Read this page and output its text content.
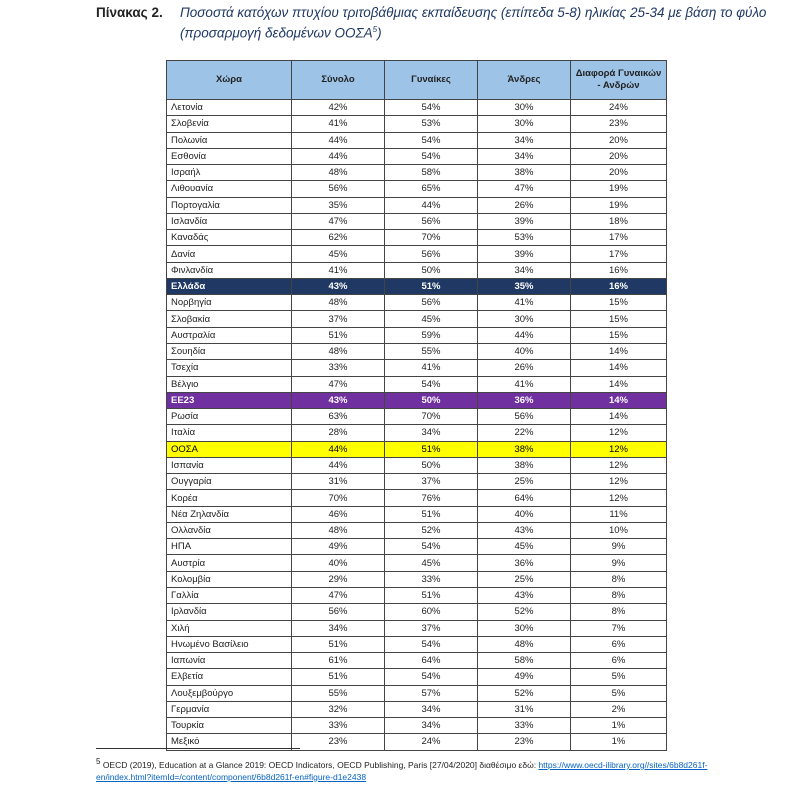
Πίνακας 2. Ποσοστά κατόχων πτυχίου τριτοβάθμιας εκπαίδευσης (επίπεδα 5-8) ηλικίας 25-34 με βάση το φύλο (προσαρμογή δεδομένων ΟΟΣΑ$^5$)
Χώρα	Σύνολο	Γυναίκες	Άνδρες	Διαφορά Γυναικών - Ανδρών
Λετονία	42%	54%	30%	24%
Σλοβενία	41%	53%	30%	23%
Πολωνία	44%	54%	34%	20%
Εσθονία	44%	54%	34%	20%
Ισραήλ	48%	58%	38%	20%
Λιθουανία	56%	65%	47%	19%
Πορτογαλία	35%	44%	26%	19%
Ισλανδία	47%	56%	39%	18%
Καναδάς	62%	70%	53%	17%
Δανία	45%	56%	39%	17%
Φινλανδία	41%	50%	34%	16%
Ελλάδα	43%	51%	35%	16%
Νορβηγία	48%	56%	41%	15%
Σλοβακία	37%	45%	30%	15%
Αυστραλία	51%	59%	44%	15%
Σουηδία	48%	55%	40%	14%
Τσεχία	33%	41%	26%	14%
Βέλγιο	47%	54%	41%	14%
ΕΕ23	43%	50%	36%	14%
Ρωσία	63%	70%	56%	14%
Ιταλία	28%	34%	22%	12%
ΟΟΣΑ	44%	51%	38%	12%
Ισπανία	44%	50%	38%	12%
Ουγγαρία	31%	37%	25%	12%
Κορέα	70%	76%	64%	12%
Νέα Ζηλανδία	46%	51%	40%	11%
Ολλανδία	48%	52%	43%	10%
ΗΠΑ	49%	54%	45%	9%
Αυστρία	40%	45%	36%	9%
Κολομβία	29%	33%	25%	8%
Γαλλία	47%	51%	43%	8%
Ιρλανδία	56%	60%	52%	8%
Χιλή	34%	37%	30%	7%
Ηνωμένο Βασίλειο	51%	54%	48%	6%
Ιαπωνία	61%	64%	58%	6%
Ελβετία	51%	54%	49%	5%
Λουξεμβούργο	55%	57%	52%	5%
Γερμανία	32%	34%	31%	2%
Τουρκία	33%	34%	33%	1%
Μεξικό	23%	24%	23%	1%
$^5$ OECD (2019), Education at a Glance 2019: OECD Indicators, OECD Publishing, Paris [27/04/2020] διαθέσιμο εδώ: https://www.oecd-ilibrary.org//sites/6b8d261f-en/index.html?itemId=/content/component/6b8d261f-en#figure-d1e2438
